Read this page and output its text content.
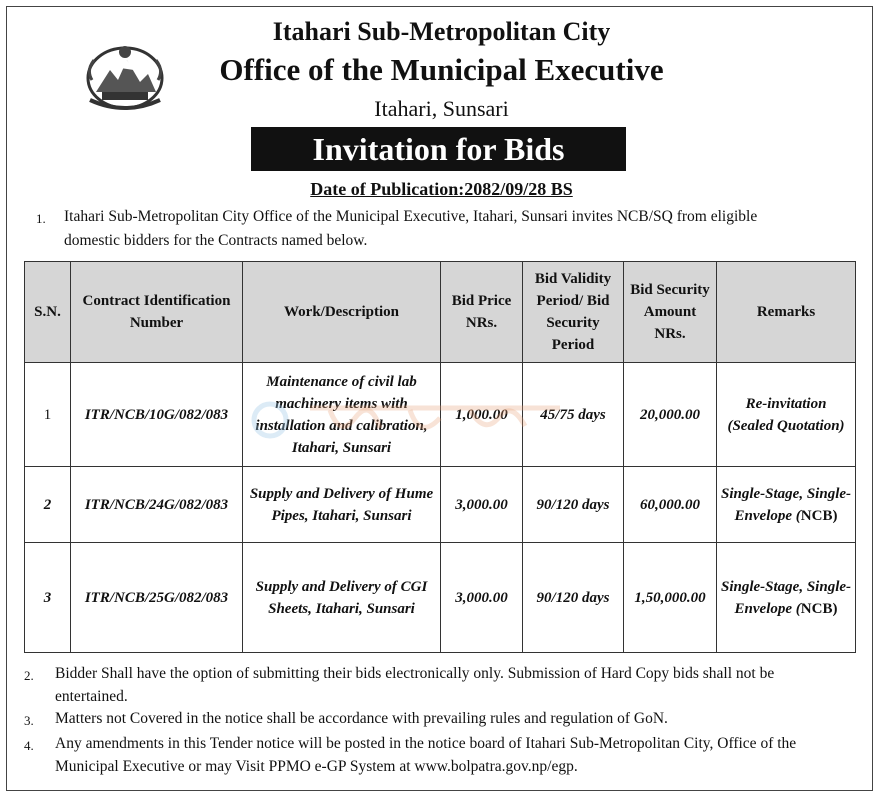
Itahari Sub-Metropolitan City
Office of the Municipal Executive
Itahari, Sunsari
Invitation for Bids
Date of Publication:2082/09/28 BS
1. Itahari Sub-Metropolitan City Office of the Municipal Executive, Itahari, Sunsari invites NCB/SQ from eligible
domestic bidders for the Contracts named below.
S.N.	Contract Identification Number	Work/Description	Bid Price NRs.	Bid Validity Period/ Bid Security Period	Bid Security Amount NRs.	Remarks
1	ITR/NCB/10G/082/083	Maintenance of civil lab machinery items with installation and calibration, Itahari, Sunsari	1,000.00	45/75 days	20,000.00	Re-invitation (Sealed Quotation)
2	ITR/NCB/24G/082/083	Supply and Delivery of Hume Pipes, Itahari, Sunsari	3,000.00	90/120 days	60,000.00	Single-Stage, Single-Envelope (NCB)
3	ITR/NCB/25G/082/083	Supply and Delivery of CGI Sheets, Itahari, Sunsari	3,000.00	90/120 days	1,50,000.00	Single-Stage, Single-Envelope (NCB)
2. Bidder Shall have the option of submitting their bids electronically only. Submission of Hard Copy bids shall not be
entertained.
3. Matters not Covered in the notice shall be accordance with prevailing rules and regulation of GoN.
4. Any amendments in this Tender notice will be posted in the notice board of Itahari Sub-Metropolitan City, Office of the
Municipal Executive or may Visit PPMO e-GP System at www.bolpatra.gov.np/egp.
